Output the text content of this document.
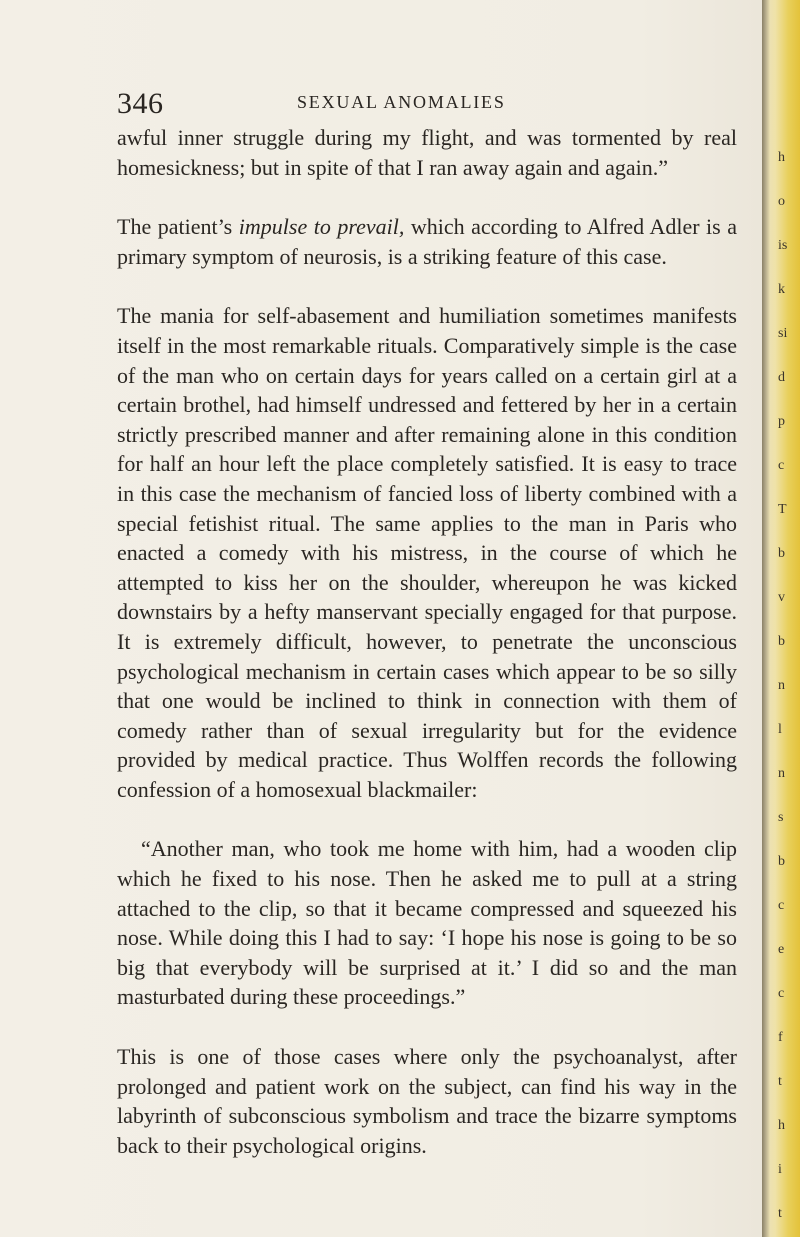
346	SEXUAL ANOMALIES

awful inner struggle during my flight, and was tormented by real homesickness; but in spite of that I ran away again and again.”

The patient’s impulse to prevail, which according to Alfred Adler is a primary symptom of neurosis, is a striking feature of this case.

The mania for self-abasement and humiliation sometimes manifests itself in the most remarkable rituals. Comparatively simple is the case of the man who on certain days for years called on a certain girl at a certain brothel, had himself undressed and fettered by her in a certain strictly prescribed manner and after remaining alone in this condition for half an hour left the place completely satisfied. It is easy to trace in this case the mechanism of fancied loss of liberty combined with a special fetishist ritual. The same applies to the man in Paris who enacted a comedy with his mistress, in the course of which he attempted to kiss her on the shoulder, whereupon he was kicked downstairs by a hefty manservant specially engaged for that purpose. It is extremely difficult, however, to penetrate the unconscious psychological mechanism in certain cases which appear to be so silly that one would be inclined to think in connection with them of comedy rather than of sexual irregularity but for the evidence provided by medical practice. Thus Wolffen records the following confession of a homosexual blackmailer:

“Another man, who took me home with him, had a wooden clip which he fixed to his nose. Then he asked me to pull at a string attached to the clip, so that it became compressed and squeezed his nose. While doing this I had to say: ‘I hope his nose is going to be so big that everybody will be surprised at it.’ I did so and the man masturbated during these proceedings.”

This is one of those cases where only the psychoanalyst, after prolonged and patient work on the subject, can find his way in the labyrinth of subconscious symbolism and trace the bizarre symptoms back to their psychological origins.

h
o
is
k
si
d
p
c
T
b
v
b
n
l
n
s
b
c
e
c
f
t
h
i
t
